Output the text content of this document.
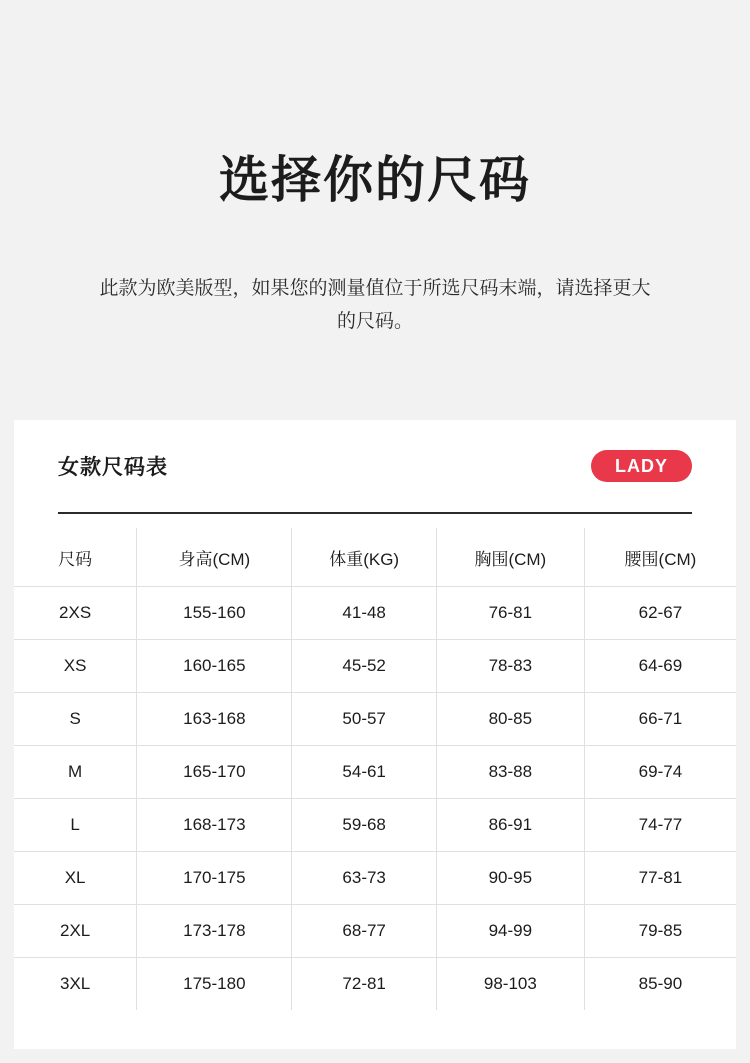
选择你的尺码

此款为欧美版型，如果您的测量值位于所选尺码末端，请选择更大的尺码。

女款尺码表	LADY
尺码	身高(CM)	体重(KG)	胸围(CM)	腰围(CM)
2XS	155-160	41-48	76-81	62-67
XS	160-165	45-52	78-83	64-69
S	163-168	50-57	80-85	66-71
M	165-170	54-61	83-88	69-74
L	168-173	59-68	86-91	74-77
XL	170-175	63-73	90-95	77-81
2XL	173-178	68-77	94-99	79-85
3XL	175-180	72-81	98-103	85-90
